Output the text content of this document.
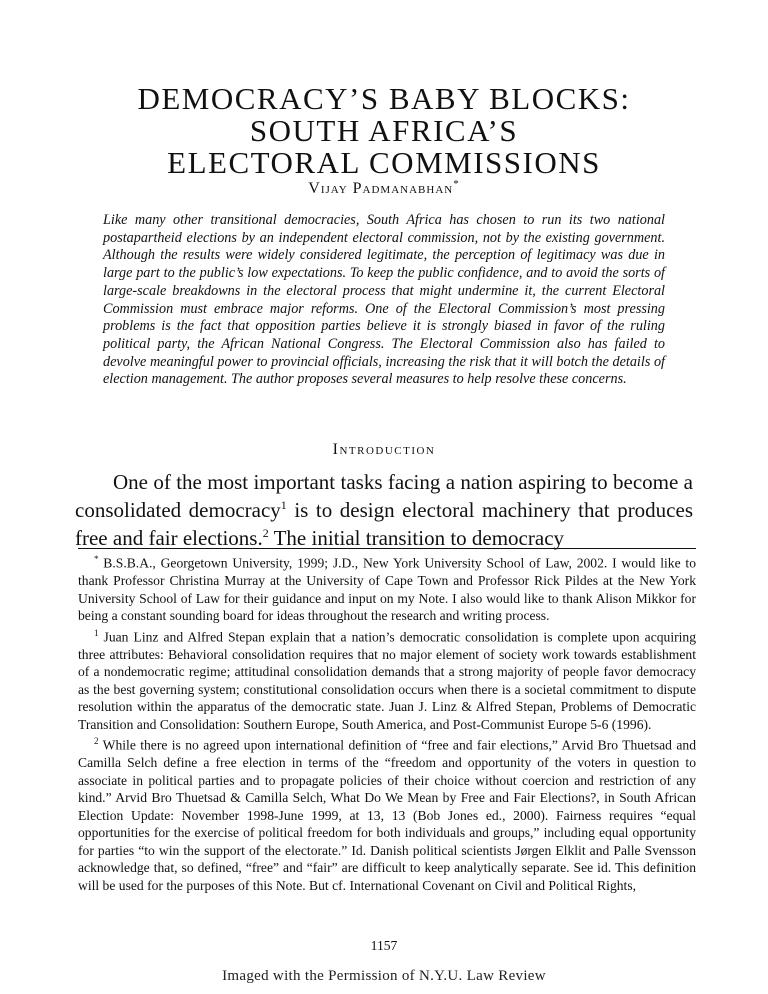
DEMOCRACY’S BABY BLOCKS:
SOUTH AFRICA’S
ELECTORAL COMMISSIONS
Vijay Padmanabhan*
Like many other transitional democracies, South Africa has chosen to run its two national postapartheid elections by an independent electoral commission, not by the existing government. Although the results were widely considered legitimate, the perception of legitimacy was due in large part to the public’s low expectations. To keep the public confidence, and to avoid the sorts of large-scale breakdowns in the electoral process that might undermine it, the current Electoral Commission must embrace major reforms. One of the Electoral Commission’s most pressing problems is the fact that opposition parties believe it is strongly biased in favor of the ruling political party, the African National Congress. The Electoral Commission also has failed to devolve meaningful power to provincial officials, increasing the risk that it will botch the details of election management. The author proposes several measures to help resolve these concerns.
Introduction
One of the most important tasks facing a nation aspiring to become a consolidated democracy$^1$ is to design electoral machinery that produces free and fair elections.$^2$ The initial transition to democracy

* B.S.B.A., Georgetown University, 1999; J.D., New York University School of Law, 2002. I would like to thank Professor Christina Murray at the University of Cape Town and Professor Rick Pildes at the New York University School of Law for their guidance and input on my Note. I also would like to thank Alison Mikkor for being a constant sounding board for ideas throughout the research and writing process.

$^1$ Juan Linz and Alfred Stepan explain that a nation’s democratic consolidation is complete upon acquiring three attributes: Behavioral consolidation requires that no major element of society work towards establishment of a nondemocratic regime; attitudinal consolidation demands that a strong majority of people favor democracy as the best governing system; constitutional consolidation occurs when there is a societal commitment to dispute resolution within the apparatus of the democratic state. Juan J. Linz & Alfred Stepan, Problems of Democratic Transition and Consolidation: Southern Europe, South America, and Post-Communist Europe 5-6 (1996).

$^2$ While there is no agreed upon international definition of “free and fair elections,” Arvid Bro Thuetsad and Camilla Selch define a free election in terms of the “freedom and opportunity of the voters in question to associate in political parties and to propagate policies of their choice without coercion and restriction of any kind.” Arvid Bro Thuetsad & Camilla Selch, What Do We Mean by Free and Fair Elections?, in South African Election Update: November 1998-June 1999, at 13, 13 (Bob Jones ed., 2000). Fairness requires “equal opportunities for the exercise of political freedom for both individuals and groups,” including equal opportunity for parties “to win the support of the electorate.” Id. Danish political scientists Jørgen Elklit and Palle Svensson acknowledge that, so defined, “free” and “fair” are difficult to keep analytically separate. See id. This definition will be used for the purposes of this Note. But cf. International Covenant on Civil and Political Rights,

1157
Imaged with the Permission of N.Y.U. Law Review
